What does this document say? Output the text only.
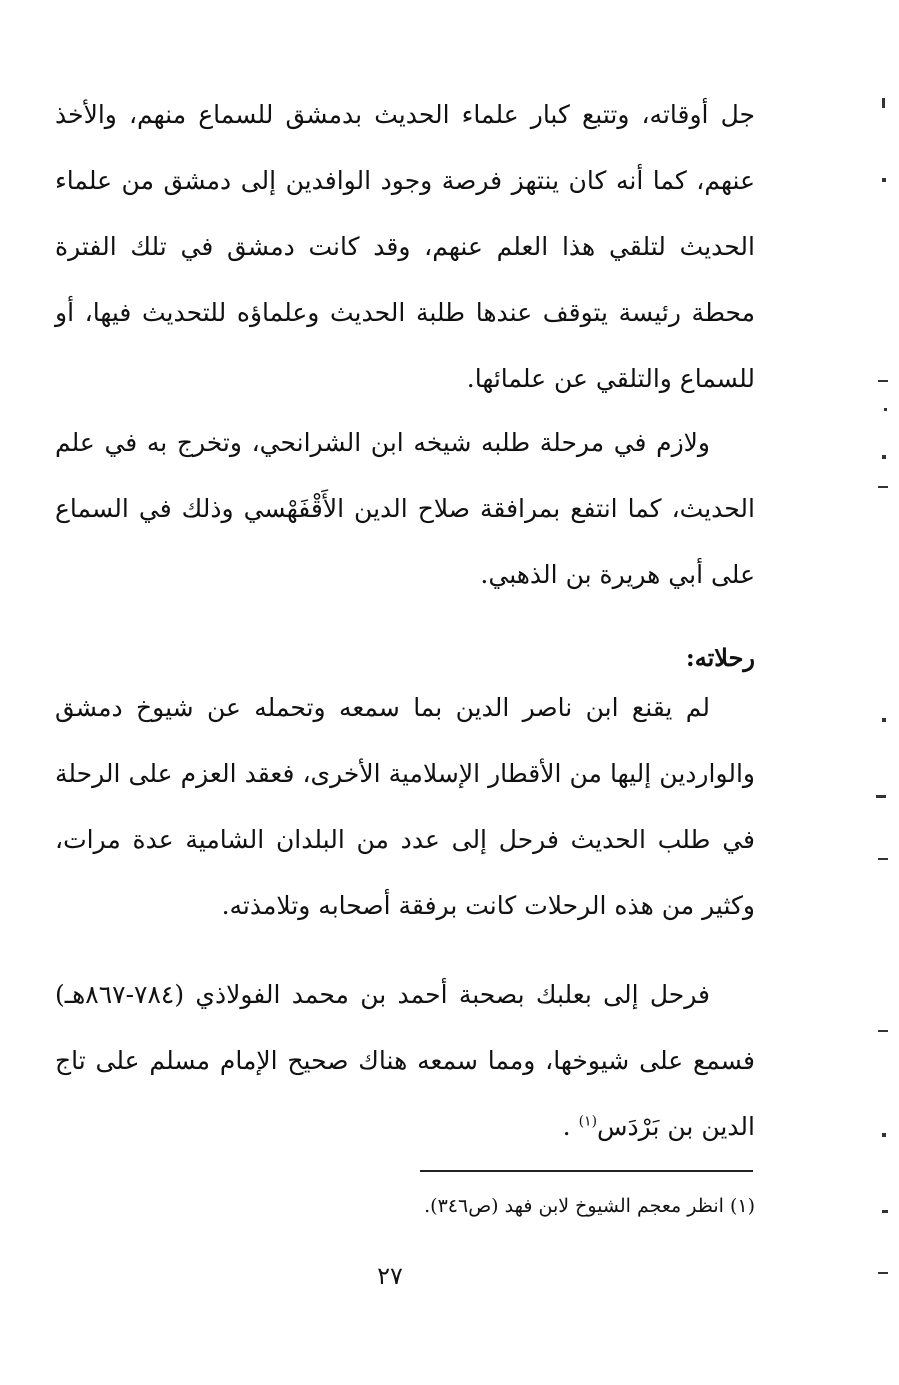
جل أوقاته، وتتبع كبار علماء الحديث بدمشق للسماع منهم، والأخذ عنهم، كما أنه كان ينتهز فرصة وجود الوافدين إلى دمشق من علماء الحديث لتلقي هذا العلم عنهم، وقد كانت دمشق في تلك الفترة محطة رئيسة يتوقف عندها طلبة الحديث وعلماؤه للتحديث فيها، أو للسماع والتلقي عن علمائها.

ولازم في مرحلة طلبه شيخه ابن الشرانحي، وتخرج به في علم الحديث، كما انتفع بمرافقة صلاح الدين الأَقْفَهْسي وذلك في السماع على أبي هريرة بن الذهبي.

رحلاته:

لم يقنع ابن ناصر الدين بما سمعه وتحمله عن شيوخ دمشق والواردين إليها من الأقطار الإسلامية الأخرى، فعقد العزم على الرحلة في طلب الحديث فرحل إلى عدد من البلدان الشامية عدة مرات، وكثير من هذه الرحلات كانت برفقة أصحابه وتلامذته.

فرحل إلى بعلبك بصحبة أحمد بن محمد الفولاذي (٧٨٤-٨٦٧هـ) فسمع على شيوخها، ومما سمعه هناك صحيح الإمام مسلم على تاج الدين بن بَرْدَس$^{(١)}$ .

(١) انظر معجم الشيوخ لابن فهد (ص٣٤٦).
٢٧
